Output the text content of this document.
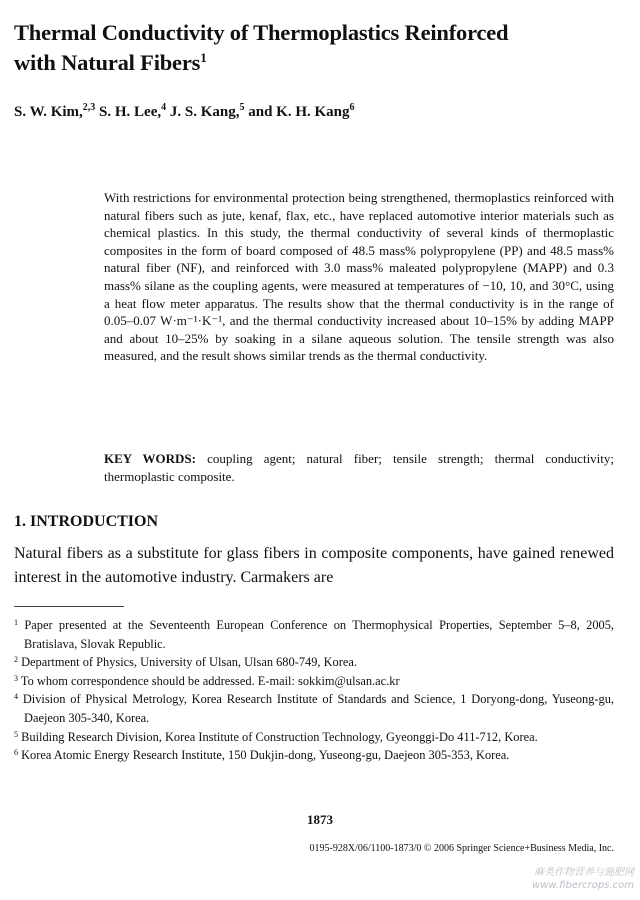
Thermal Conductivity of Thermoplastics Reinforced
with Natural Fibers$^1$
S. W. Kim,$^{2,3}$ S. H. Lee,$^4$ J. S. Kang,$^5$ and K. H. Kang$^6$
With restrictions for environmental protection being strengthened, thermoplastics reinforced with natural fibers such as jute, kenaf, flax, etc., have replaced automotive interior materials such as chemical plastics. In this study, the thermal conductivity of several kinds of thermoplastic composites in the form of board composed of 48.5 mass% polypropylene (PP) and 48.5 mass% natural fiber (NF), and reinforced with 3.0 mass% maleated polypropylene (MAPP) and 0.3 mass% silane as the coupling agents, were measured at temperatures of −10, 10, and 30°C, using a heat flow meter apparatus. The results show that the thermal conductivity is in the range of 0.05–0.07 W·m⁻¹·K⁻¹, and the thermal conductivity increased about 10–15% by adding MAPP and about 10–25% by soaking in a silane aqueous solution. The tensile strength was also measured, and the result shows similar trends as the thermal conductivity.
KEY WORDS: coupling agent; natural fiber; tensile strength; thermal conductivity; thermoplastic composite.
1. INTRODUCTION
Natural fibers as a substitute for glass fibers in composite components, have gained renewed interest in the automotive industry. Carmakers are
$^1$ Paper presented at the Seventeenth European Conference on Thermophysical Properties, September 5–8, 2005, Bratislava, Slovak Republic.
$^2$ Department of Physics, University of Ulsan, Ulsan 680-749, Korea.
$^3$ To whom correspondence should be addressed. E-mail: sokkim@ulsan.ac.kr
$^4$ Division of Physical Metrology, Korea Research Institute of Standards and Science, 1 Doryong-dong, Yuseong-gu, Daejeon 305-340, Korea.
$^5$ Building Research Division, Korea Institute of Construction Technology, Gyeonggi-Do 411-712, Korea.
$^6$ Korea Atomic Energy Research Institute, 150 Dukjin-dong, Yuseong-gu, Daejeon 305-353, Korea.
1873
0195-928X/06/1100-1873/0 © 2006 Springer Science+Business Media, Inc.
麻类作物营养与施肥网
www.fibercrops.com
